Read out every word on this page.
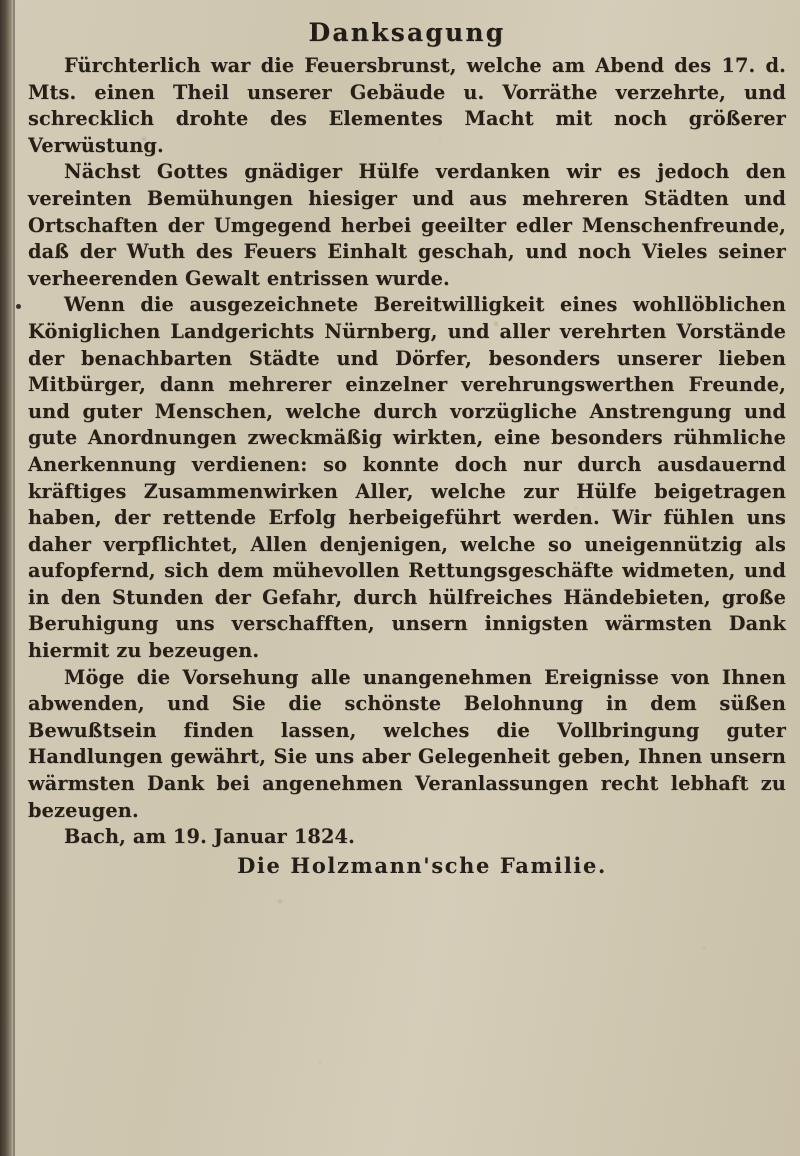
Danksagung

Fürchterlich war die Feuersbrunst, welche am Abend des 17. d. Mts. einen Theil unserer Gebäude u. Vorräthe verzehrte, und schrecklich drohte des Elementes Macht mit noch größerer Verwüstung.

Nächst Gottes gnädiger Hülfe verdanken wir es jedoch den vereinten Bemühungen hiesiger und aus mehreren Städten und Ortschaften der Umgegend herbei geeilter edler Menschenfreunde, daß der Wuth des Feuers Einhalt geschah, und noch Vieles seiner verheerenden Gewalt entrissen wurde.

Wenn die ausgezeichnete Bereitwilligkeit eines wohllöblichen Königlichen Landgerichts Nürnberg, und aller verehrten Vorstände der benachbarten Städte und Dörfer, besonders unserer lieben Mitbürger, dann mehrerer einzelner verehrungswerthen Freunde, und guter Menschen, welche durch vorzügliche Anstrengung und gute Anordnungen zweckmäßig wirkten, eine besonders rühmliche Anerkennung verdienen: so konnte doch nur durch ausdauernd kräftiges Zusammenwirken Aller, welche zur Hülfe beigetragen haben, der rettende Erfolg herbeigeführt werden. Wir fühlen uns daher verpflichtet, Allen denjenigen, welche so uneigennützig als aufopfernd, sich dem mühevollen Rettungsgeschäfte widmeten, und in den Stunden der Gefahr, durch hülfreiches Händebieten, große Beruhigung uns verschafften, unsern innigsten wärmsten Dank hiermit zu bezeugen.

Möge die Vorsehung alle unangenehmen Ereignisse von Ihnen abwenden, und Sie die schönste Belohnung in dem süßen Bewußtsein finden lassen, welches die Vollbringung guter Handlungen gewährt, Sie uns aber Gelegenheit geben, Ihnen unsern wärmsten Dank bei angenehmen Veranlassungen recht lebhaft zu bezeugen.

Bach, am 19. Januar 1824.

Die Holzmann'sche Familie.
